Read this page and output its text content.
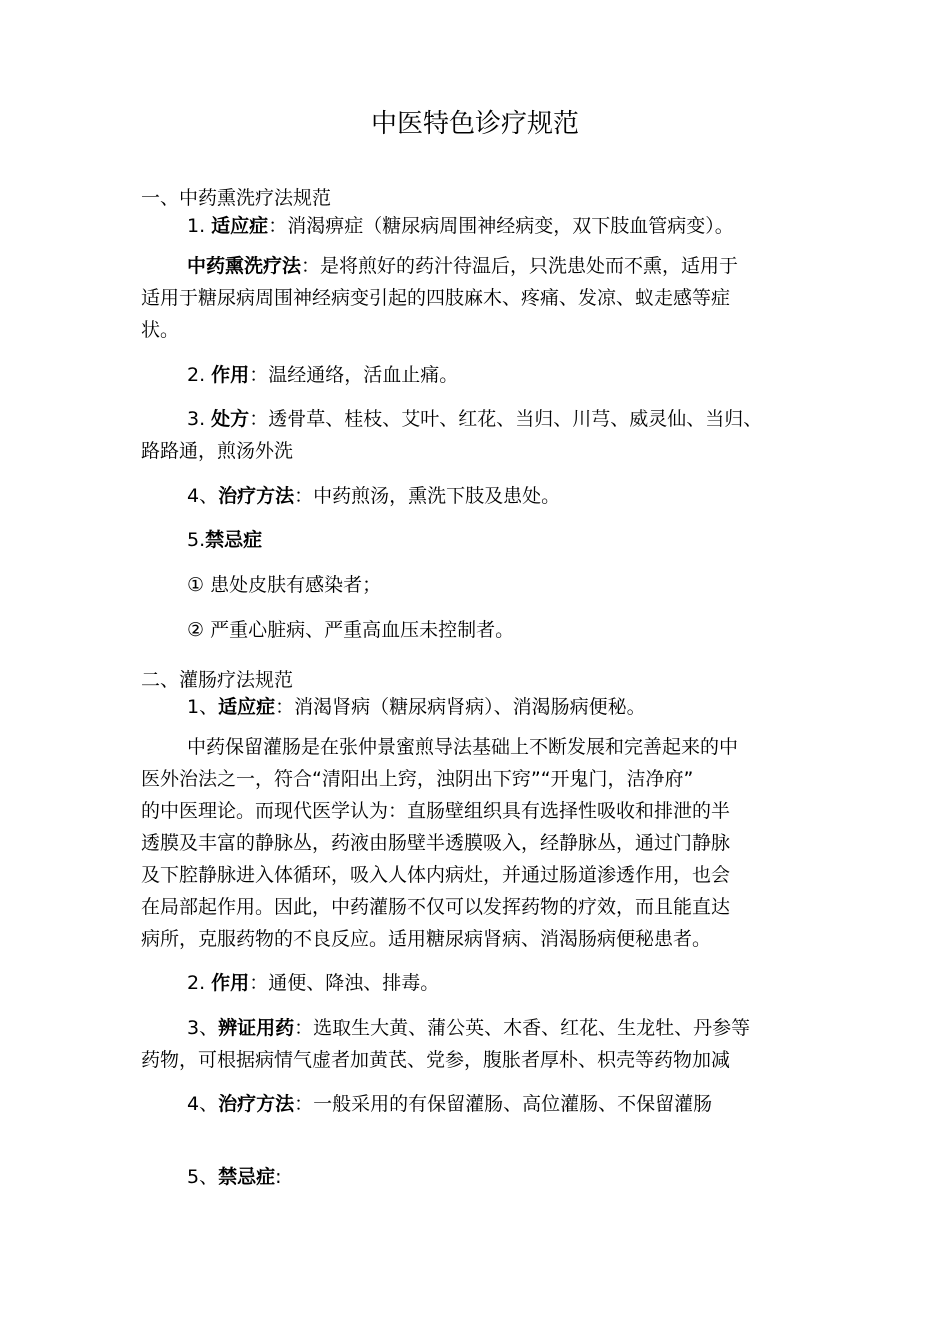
中医特色诊疗规范

一、中药熏洗疗法规范

1. 适应症：消渴痹症（糖尿病周围神经病变，双下肢血管病变）。

中药熏洗疗法：是将煎好的药汁待温后，只洗患处而不熏，适用于

适用于糖尿病周围神经病变引起的四肢麻木、疼痛、发凉、蚁走感等症

状。

2. 作用：温经通络，活血止痛。

3. 处方：透骨草、桂枝、艾叶、红花、当归、川芎、威灵仙、当归、

路路通，煎汤外洗

4、治疗方法：中药煎汤，熏洗下肢及患处。

5.禁忌症

① 患处皮肤有感染者；

② 严重心脏病、严重高血压未控制者。

二、灌肠疗法规范

1、适应症：消渴肾病（糖尿病肾病）、消渴肠病便秘。

中药保留灌肠是在张仲景蜜煎导法基础上不断发展和完善起来的中

医外治法之一，符合“清阳出上窍，浊阴出下窍”“开鬼门，洁净府”

的中医理论。而现代医学认为：直肠壁组织具有选择性吸收和排泄的半

透膜及丰富的静脉丛，药液由肠壁半透膜吸入，经静脉丛，通过门静脉

及下腔静脉进入体循环，吸入人体内病灶，并通过肠道渗透作用，也会

在局部起作用。因此，中药灌肠不仅可以发挥药物的疗效，而且能直达

病所，克服药物的不良反应。适用糖尿病肾病、消渴肠病便秘患者。

2. 作用：通便、降浊、排毒。

3、辨证用药：选取生大黄、蒲公英、木香、红花、生龙牡、丹参等

药物，可根据病情气虚者加黄芪、党参，腹胀者厚朴、枳壳等药物加减

4、治疗方法：一般采用的有保留灌肠、高位灌肠、不保留灌肠

5、禁忌症:
